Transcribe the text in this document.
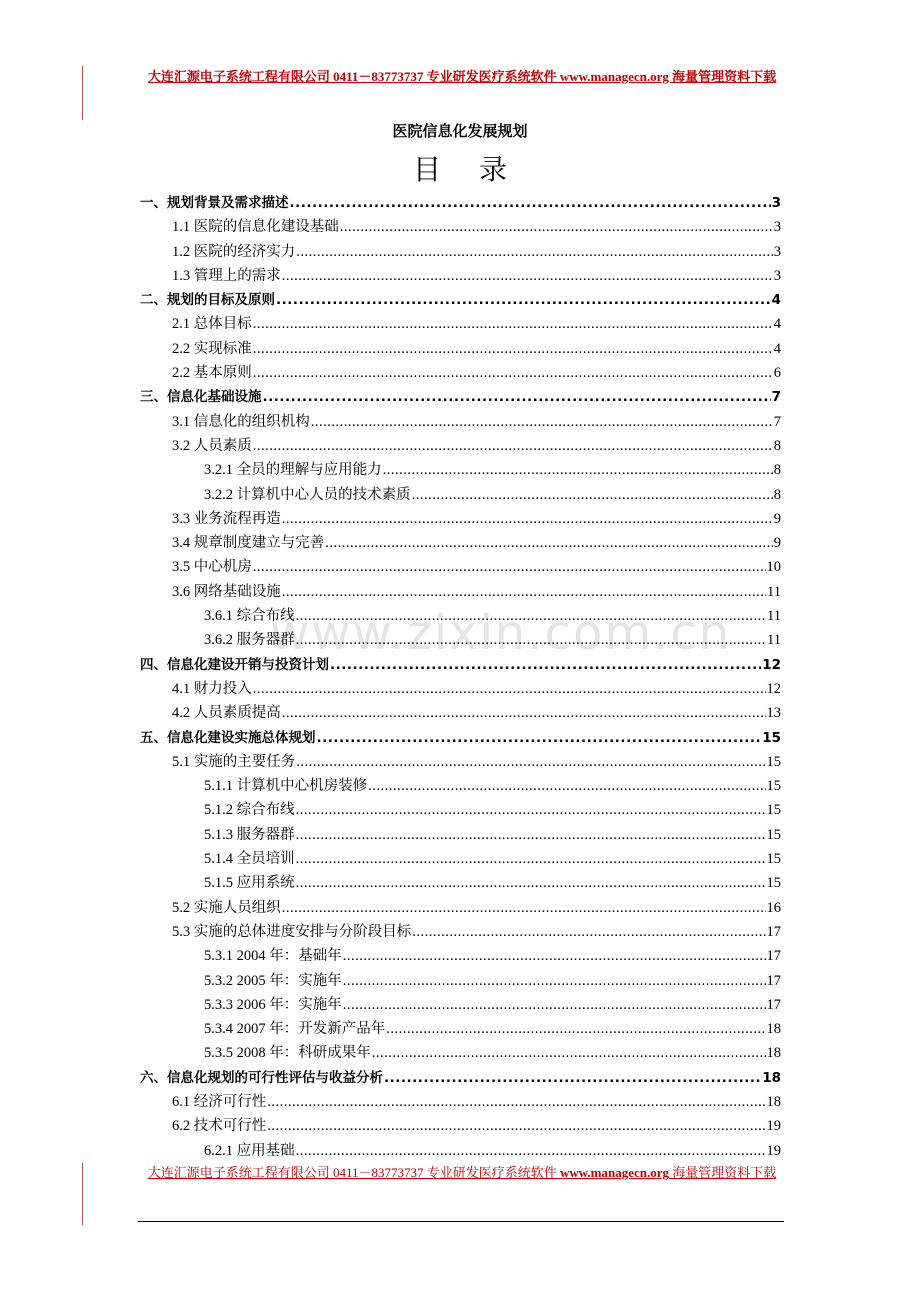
大连汇源电子系统工程有限公司 0411－83773737 专业研发医疗系统软件 www.managecn.org 海量管理资料下载
医院信息化发展规划
目录
www.zixin.com.cn
一、规划背景及需求描述 .....	3
1.1 医院的信息化建设基础 .....	3
1.2 医院的经济实力 .....	3
1.3 管理上的需求 .....	3
二、规划的目标及原则 .....	4
2.1 总体目标 .....	4
2.2 实现标准 .....	4
2.2 基本原则 .....	6
三、信息化基础设施 .....	7
3.1 信息化的组织机构 .....	7
3.2 人员素质 .....	8
3.2.1 全员的理解与应用能力 .....	8
3.2.2 计算机中心人员的技术素质 .....	8
3.3 业务流程再造 .....	9
3.4 规章制度建立与完善 .....	9
3.5 中心机房 .....	10
3.6 网络基础设施 .....	11
3.6.1 综合布线 .....	11
3.6.2 服务器群 .....	11
四、信息化建设开销与投资计划 .....	12
4.1 财力投入 .....	12
4.2 人员素质提高 .....	13
五、信息化建设实施总体规划 .....	15
5.1 实施的主要任务 .....	15
5.1.1 计算机中心机房装修 .....	15
5.1.2 综合布线 .....	15
5.1.3 服务器群 .....	15
5.1.4 全员培训 .....	15
5.1.5 应用系统 .....	15
5.2 实施人员组织 .....	16
5.3 实施的总体进度安排与分阶段目标 .....	17
5.3.1 2004 年：基础年 .....	17
5.3.2 2005 年：实施年 .....	17
5.3.3 2006 年：实施年 .....	17
5.3.4 2007 年：开发新产品年 .....	18
5.3.5 2008 年：科研成果年 .....	18
六、信息化规划的可行性评估与收益分析 .....	18
6.1 经济可行性 .....	18
6.2 技术可行性 .....	19
6.2.1 应用基础 .....	19
大连汇源电子系统工程有限公司 0411－83773737 专业研发医疗系统软件 www.managecn.org 海量管理资料下载
